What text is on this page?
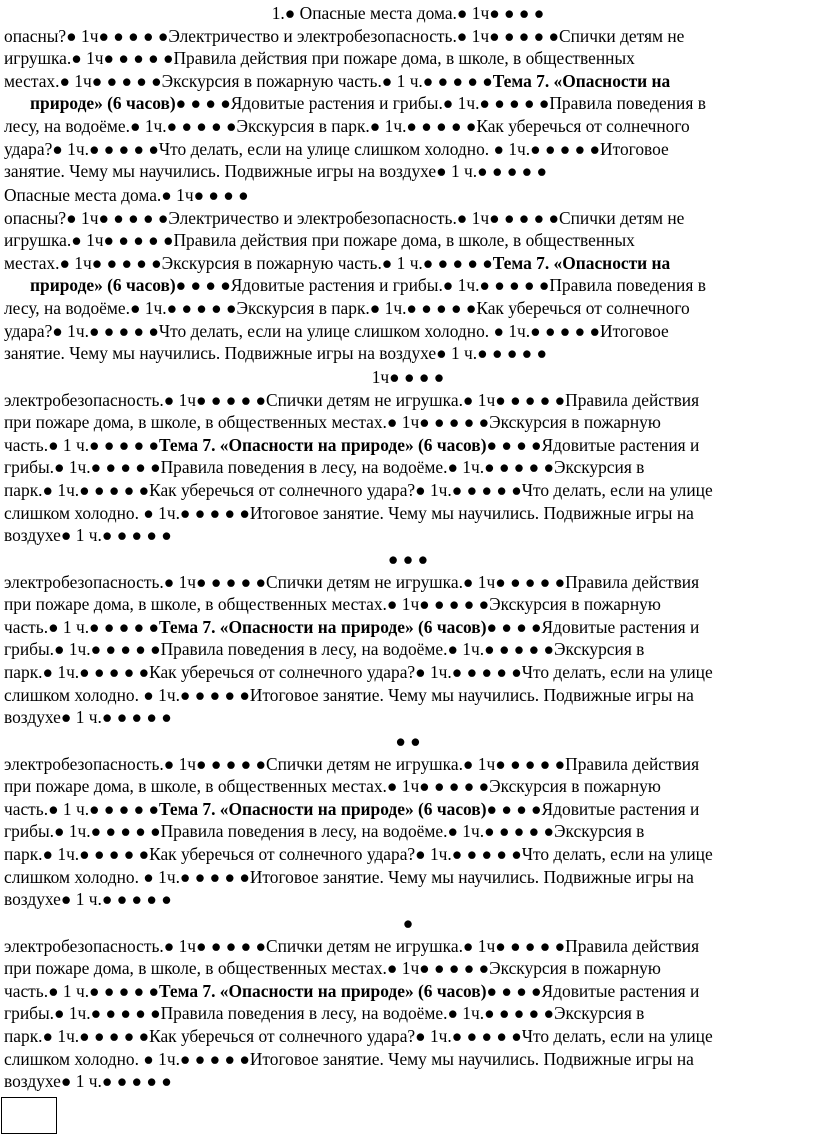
1.● Опасные места дома.● 1ч● ● ● ●
опасны?● 1ч● ● ● ● ●Электричество и электробезопасность.● 1ч● ● ● ● ●Спички детям не
игрушка.● 1ч● ● ● ● ●Правила действия при пожаре дома, в школе, в общественных
местах.● 1ч● ● ● ● ●Экскурсия в пожарную часть.● 1 ч.● ● ● ● ●Тема 7. «Опасности на
природе» (6 часов)● ● ● ●Ядовитые растения и грибы.● 1ч.● ● ● ● ●Правила поведения в
лесу, на водоёме.● 1ч.● ● ● ● ●Экскурсия в парк.● 1ч.● ● ● ● ●Как уберечься от солнечного
удара?● 1ч.● ● ● ● ●Что делать, если на улице слишком холодно. ● 1ч.● ● ● ● ●Итоговое
занятие. Чему мы научились. Подвижные игры на воздухе● 1 ч.● ● ● ● ●
Опасные места дома.● 1ч● ● ● ●
опасны?● 1ч● ● ● ● ●Электричество и электробезопасность.● 1ч● ● ● ● ●Спички детям не
игрушка.● 1ч● ● ● ● ●Правила действия при пожаре дома, в школе, в общественных
местах.● 1ч● ● ● ● ●Экскурсия в пожарную часть.● 1 ч.● ● ● ● ●Тема 7. «Опасности на
природе» (6 часов)● ● ● ●Ядовитые растения и грибы.● 1ч.● ● ● ● ●Правила поведения в
лесу, на водоёме.● 1ч.● ● ● ● ●Экскурсия в парк.● 1ч.● ● ● ● ●Как уберечься от солнечного
удара?● 1ч.● ● ● ● ●Что делать, если на улице слишком холодно. ● 1ч.● ● ● ● ●Итоговое
занятие. Чему мы научились. Подвижные игры на воздухе● 1 ч.● ● ● ● ●
1ч● ● ● ●
электробезопасность.● 1ч● ● ● ● ●Спички детям не игрушка.● 1ч● ● ● ● ●Правила действия
при пожаре дома, в школе, в общественных местах.● 1ч● ● ● ● ●Экскурсия в пожарную
часть.● 1 ч.● ● ● ● ●Тема 7. «Опасности на природе» (6 часов)● ● ● ●Ядовитые растения и
грибы.● 1ч.● ● ● ● ●Правила поведения в лесу, на водоёме.● 1ч.● ● ● ● ●Экскурсия в
парк.● 1ч.● ● ● ● ●Как уберечься от солнечного удара?● 1ч.● ● ● ● ●Что делать, если на улице
слишком холодно. ● 1ч.● ● ● ● ●Итоговое занятие. Чему мы научились. Подвижные игры на
воздухе● 1 ч.● ● ● ● ●
● ● ●
электробезопасность.● 1ч● ● ● ● ●Спички детям не игрушка.● 1ч● ● ● ● ●Правила действия
при пожаре дома, в школе, в общественных местах.● 1ч● ● ● ● ●Экскурсия в пожарную
часть.● 1 ч.● ● ● ● ●Тема 7. «Опасности на природе» (6 часов)● ● ● ●Ядовитые растения и
грибы.● 1ч.● ● ● ● ●Правила поведения в лесу, на водоёме.● 1ч.● ● ● ● ●Экскурсия в
парк.● 1ч.● ● ● ● ●Как уберечься от солнечного удара?● 1ч.● ● ● ● ●Что делать, если на улице
слишком холодно. ● 1ч.● ● ● ● ●Итоговое занятие. Чему мы научились. Подвижные игры на
воздухе● 1 ч.● ● ● ● ●
● ●
электробезопасность.● 1ч● ● ● ● ●Спички детям не игрушка.● 1ч● ● ● ● ●Правила действия
при пожаре дома, в школе, в общественных местах.● 1ч● ● ● ● ●Экскурсия в пожарную
часть.● 1 ч.● ● ● ● ●Тема 7. «Опасности на природе» (6 часов)● ● ● ●Ядовитые растения и
грибы.● 1ч.● ● ● ● ●Правила поведения в лесу, на водоёме.● 1ч.● ● ● ● ●Экскурсия в
парк.● 1ч.● ● ● ● ●Как уберечься от солнечного удара?● 1ч.● ● ● ● ●Что делать, если на улице
слишком холодно. ● 1ч.● ● ● ● ●Итоговое занятие. Чему мы научились. Подвижные игры на
воздухе● 1 ч.● ● ● ● ●
●
электробезопасность.● 1ч● ● ● ● ●Спички детям не игрушка.● 1ч● ● ● ● ●Правила действия
при пожаре дома, в школе, в общественных местах.● 1ч● ● ● ● ●Экскурсия в пожарную
часть.● 1 ч.● ● ● ● ●Тема 7. «Опасности на природе» (6 часов)● ● ● ●Ядовитые растения и
грибы.● 1ч.● ● ● ● ●Правила поведения в лесу, на водоёме.● 1ч.● ● ● ● ●Экскурсия в
парк.● 1ч.● ● ● ● ●Как уберечься от солнечного удара?● 1ч.● ● ● ● ●Что делать, если на улице
слишком холодно. ● 1ч.● ● ● ● ●Итоговое занятие. Чему мы научились. Подвижные игры на
воздухе● 1 ч.● ● ● ● ●
